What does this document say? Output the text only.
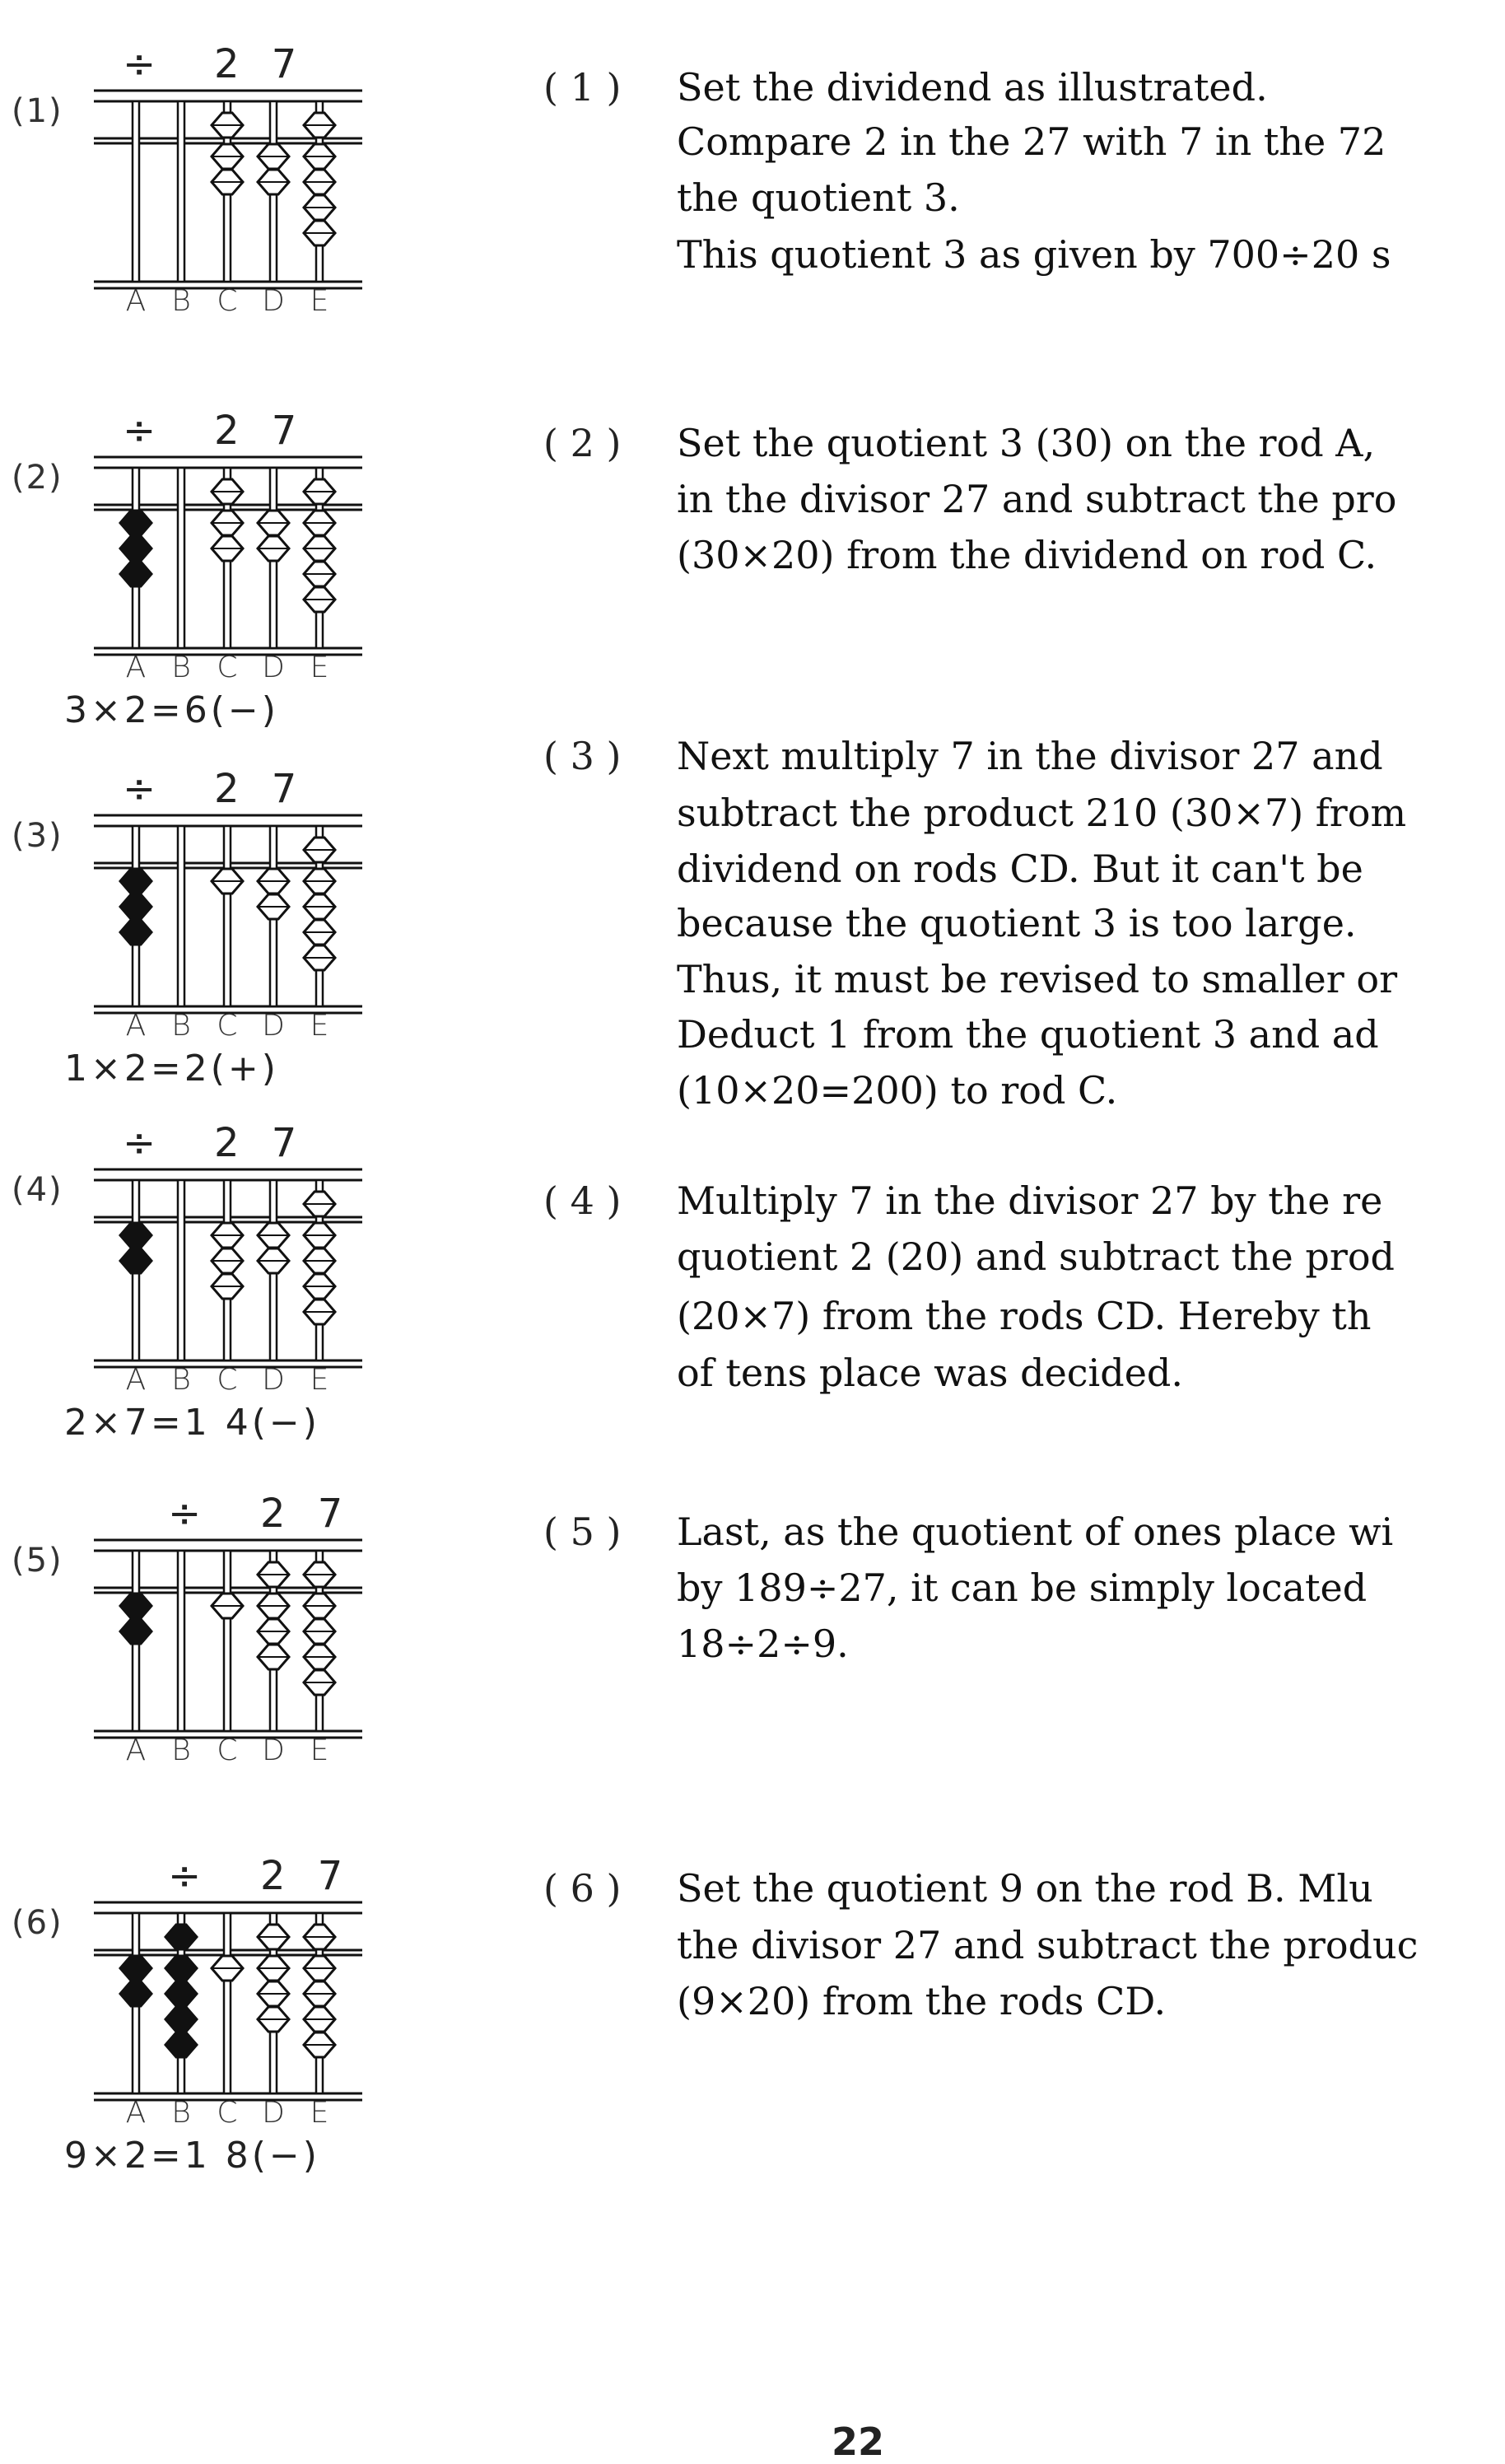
(1)
÷ 2 7
A B C D E
(2)
÷ 2 7
A B C D E
3×2=6(−)
(3)
÷ 2 7
A B C D E
1×2=2(+)
(4)
÷ 2 7
A B C D E
2×7=1 4(−)
(5)
÷ 2 7
A B C D E
(6)
÷ 2 7
A B C D E
9×2=1 8(−)
( 1 ) Set the dividend as illustrated.
Compare 2 in the 27 with 7 in the 72
the quotient 3.
This quotient 3 as given by 700÷20 s
( 2 ) Set the quotient 3 (30) on the rod A,
in the divisor 27 and subtract the pro
(30×20) from the dividend on rod C.
( 3 ) Next multiply 7 in the divisor 27 and
subtract the product 210 (30×7) from
dividend on rods CD. But it can't be
because the quotient 3 is too large.
Thus, it must be revised to smaller or
Deduct 1 from the quotient 3 and ad
(10×20=200) to rod C.
( 4 ) Multiply 7 in the divisor 27 by the re
quotient 2 (20) and subtract the prod
(20×7) from the rods CD. Hereby th
of tens place was decided.
( 5 ) Last, as the quotient of ones place wi
by 189÷27, it can be simply located
18÷2÷9.
( 6 ) Set the quotient 9 on the rod B. Mlu
the divisor 27 and subtract the produc
(9×20) from the rods CD.
22
